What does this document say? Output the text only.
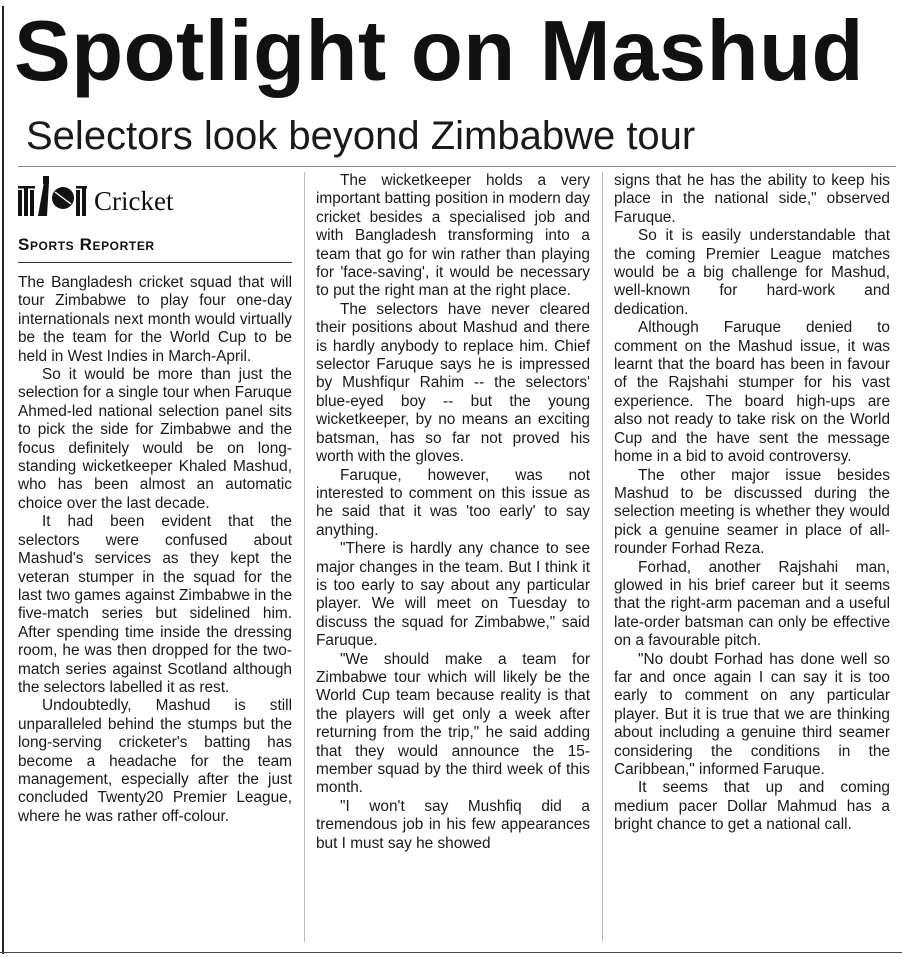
Spotlight on Mashud
Selectors look beyond Zimbabwe tour
Cricket
Sports Reporter

The Bangladesh cricket squad that will tour Zimbabwe to play four one-day internationals next month would virtually be the team for the World Cup to be held in West Indies in March-April.

So it would be more than just the selection for a single tour when Faruque Ahmed-led national selection panel sits to pick the side for Zimbabwe and the focus definitely would be on long-standing wicketkeeper Khaled Mashud, who has been almost an automatic choice over the last decade.

It had been evident that the selectors were confused about Mashud's services as they kept the veteran stumper in the squad for the last two games against Zimbabwe in the five-match series but sidelined him. After spending time inside the dressing room, he was then dropped for the two-match series against Scotland although the selectors labelled it as rest.

Undoubtedly, Mashud is still unparalleled behind the stumps but the long-serving cricketer's batting has become a headache for the team management, especially after the just concluded Twenty20 Premier League, where he was rather off-colour.

The wicketkeeper holds a very important batting position in modern day cricket besides a specialised job and with Bangladesh transforming into a team that go for win rather than playing for 'face-saving', it would be necessary to put the right man at the right place.

The selectors have never cleared their positions about Mashud and there is hardly anybody to replace him. Chief selector Faruque says he is impressed by Mushfiqur Rahim -- the selectors' blue-eyed boy -- but the young wicketkeeper, by no means an exciting batsman, has so far not proved his worth with the gloves.

Faruque, however, was not interested to comment on this issue as he said that it was 'too early' to say anything.

"There is hardly any chance to see major changes in the team. But I think it is too early to say about any particular player. We will meet on Tuesday to discuss the squad for Zimbabwe," said Faruque.

"We should make a team for Zimbabwe tour which will likely be the World Cup team because reality is that the players will get only a week after returning from the trip," he said adding that they would announce the 15-member squad by the third week of this month.

"I won't say Mushfiq did a tremendous job in his few appearances but I must say he showed

signs that he has the ability to keep his place in the national side," observed Faruque.

So it is easily understandable that the coming Premier League matches would be a big challenge for Mashud, well-known for hard-work and dedication.

Although Faruque denied to comment on the Mashud issue, it was learnt that the board has been in favour of the Rajshahi stumper for his vast experience. The board high-ups are also not ready to take risk on the World Cup and the have sent the message home in a bid to avoid controversy.

The other major issue besides Mashud to be discussed during the selection meeting is whether they would pick a genuine seamer in place of all-rounder Forhad Reza.

Forhad, another Rajshahi man, glowed in his brief career but it seems that the right-arm paceman and a useful late-order batsman can only be effective on a favourable pitch.

"No doubt Forhad has done well so far and once again I can say it is too early to comment on any particular player. But it is true that we are thinking about including a genuine third seamer considering the conditions in the Caribbean," informed Faruque.

It seems that up and coming medium pacer Dollar Mahmud has a bright chance to get a national call.
